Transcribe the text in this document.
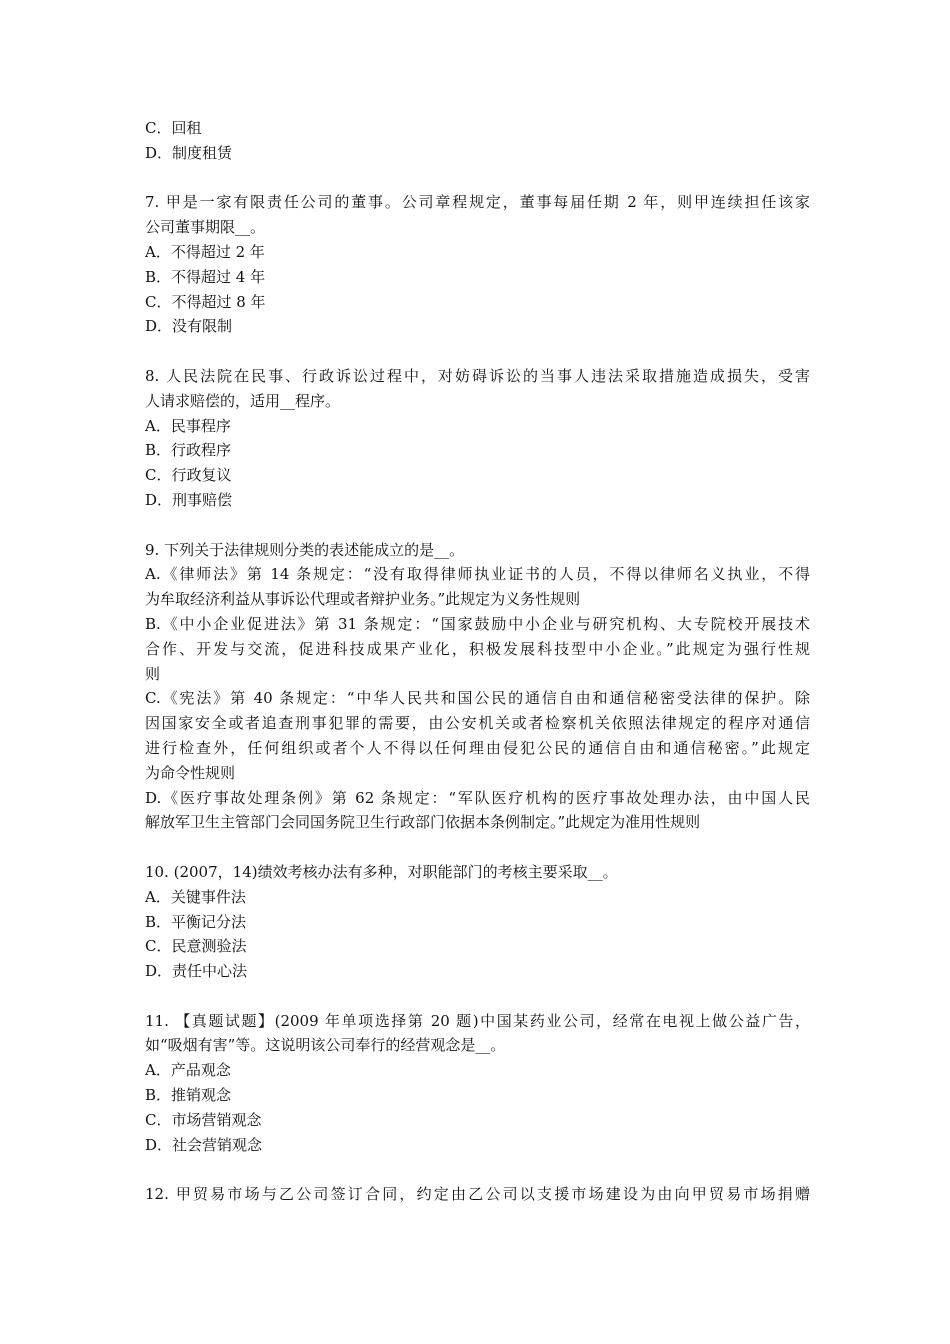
C．回租
D．制度租赁
7. 甲是一家有限责任公司的董事。公司章程规定，董事每届任期 2 年，则甲连续担任该家
公司董事期限__。
A．不得超过 2 年
B．不得超过 4 年
C．不得超过 8 年
D．没有限制
8. 人民法院在民事、行政诉讼过程中，对妨碍诉讼的当事人违法采取措施造成损失，受害
人请求赔偿的，适用__程序。
A．民事程序
B．行政程序
C．行政复议
D．刑事赔偿
9. 下列关于法律规则分类的表述能成立的是__。
A.《律师法》第 14 条规定：“没有取得律师执业证书的人员，不得以律师名义执业，不得
为牟取经济利益从事诉讼代理或者辩护业务。”此规定为义务性规则
B.《中小企业促进法》第 31 条规定：“国家鼓励中小企业与研究机构、大专院校开展技术
合作、开发与交流，促进科技成果产业化，积极发展科技型中小企业。”此规定为强行性规
则
C.《宪法》第 40 条规定：“中华人民共和国公民的通信自由和通信秘密受法律的保护。除
因国家安全或者追查刑事犯罪的需要，由公安机关或者检察机关依照法律规定的程序对通信
进行检查外，任何组织或者个人不得以任何理由侵犯公民的通信自由和通信秘密。”此规定
为命令性规则
D.《医疗事故处理条例》第 62 条规定：“军队医疗机构的医疗事故处理办法，由中国人民
解放军卫生主管部门会同国务院卫生行政部门依据本条例制定。”此规定为准用性规则
10. (2007，14)绩效考核办法有多种，对职能部门的考核主要采取__。
A．关键事件法
B．平衡记分法
C．民意测验法
D．责任中心法
11. 【真题试题】(2009 年单项选择第 20 题)中国某药业公司，经常在电视上做公益广告，
如“吸烟有害”等。这说明该公司奉行的经营观念是__。
A．产品观念
B．推销观念
C．市场营销观念
D．社会营销观念
12. 甲贸易市场与乙公司签订合同，约定由乙公司以支援市场建设为由向甲贸易市场捐赠
